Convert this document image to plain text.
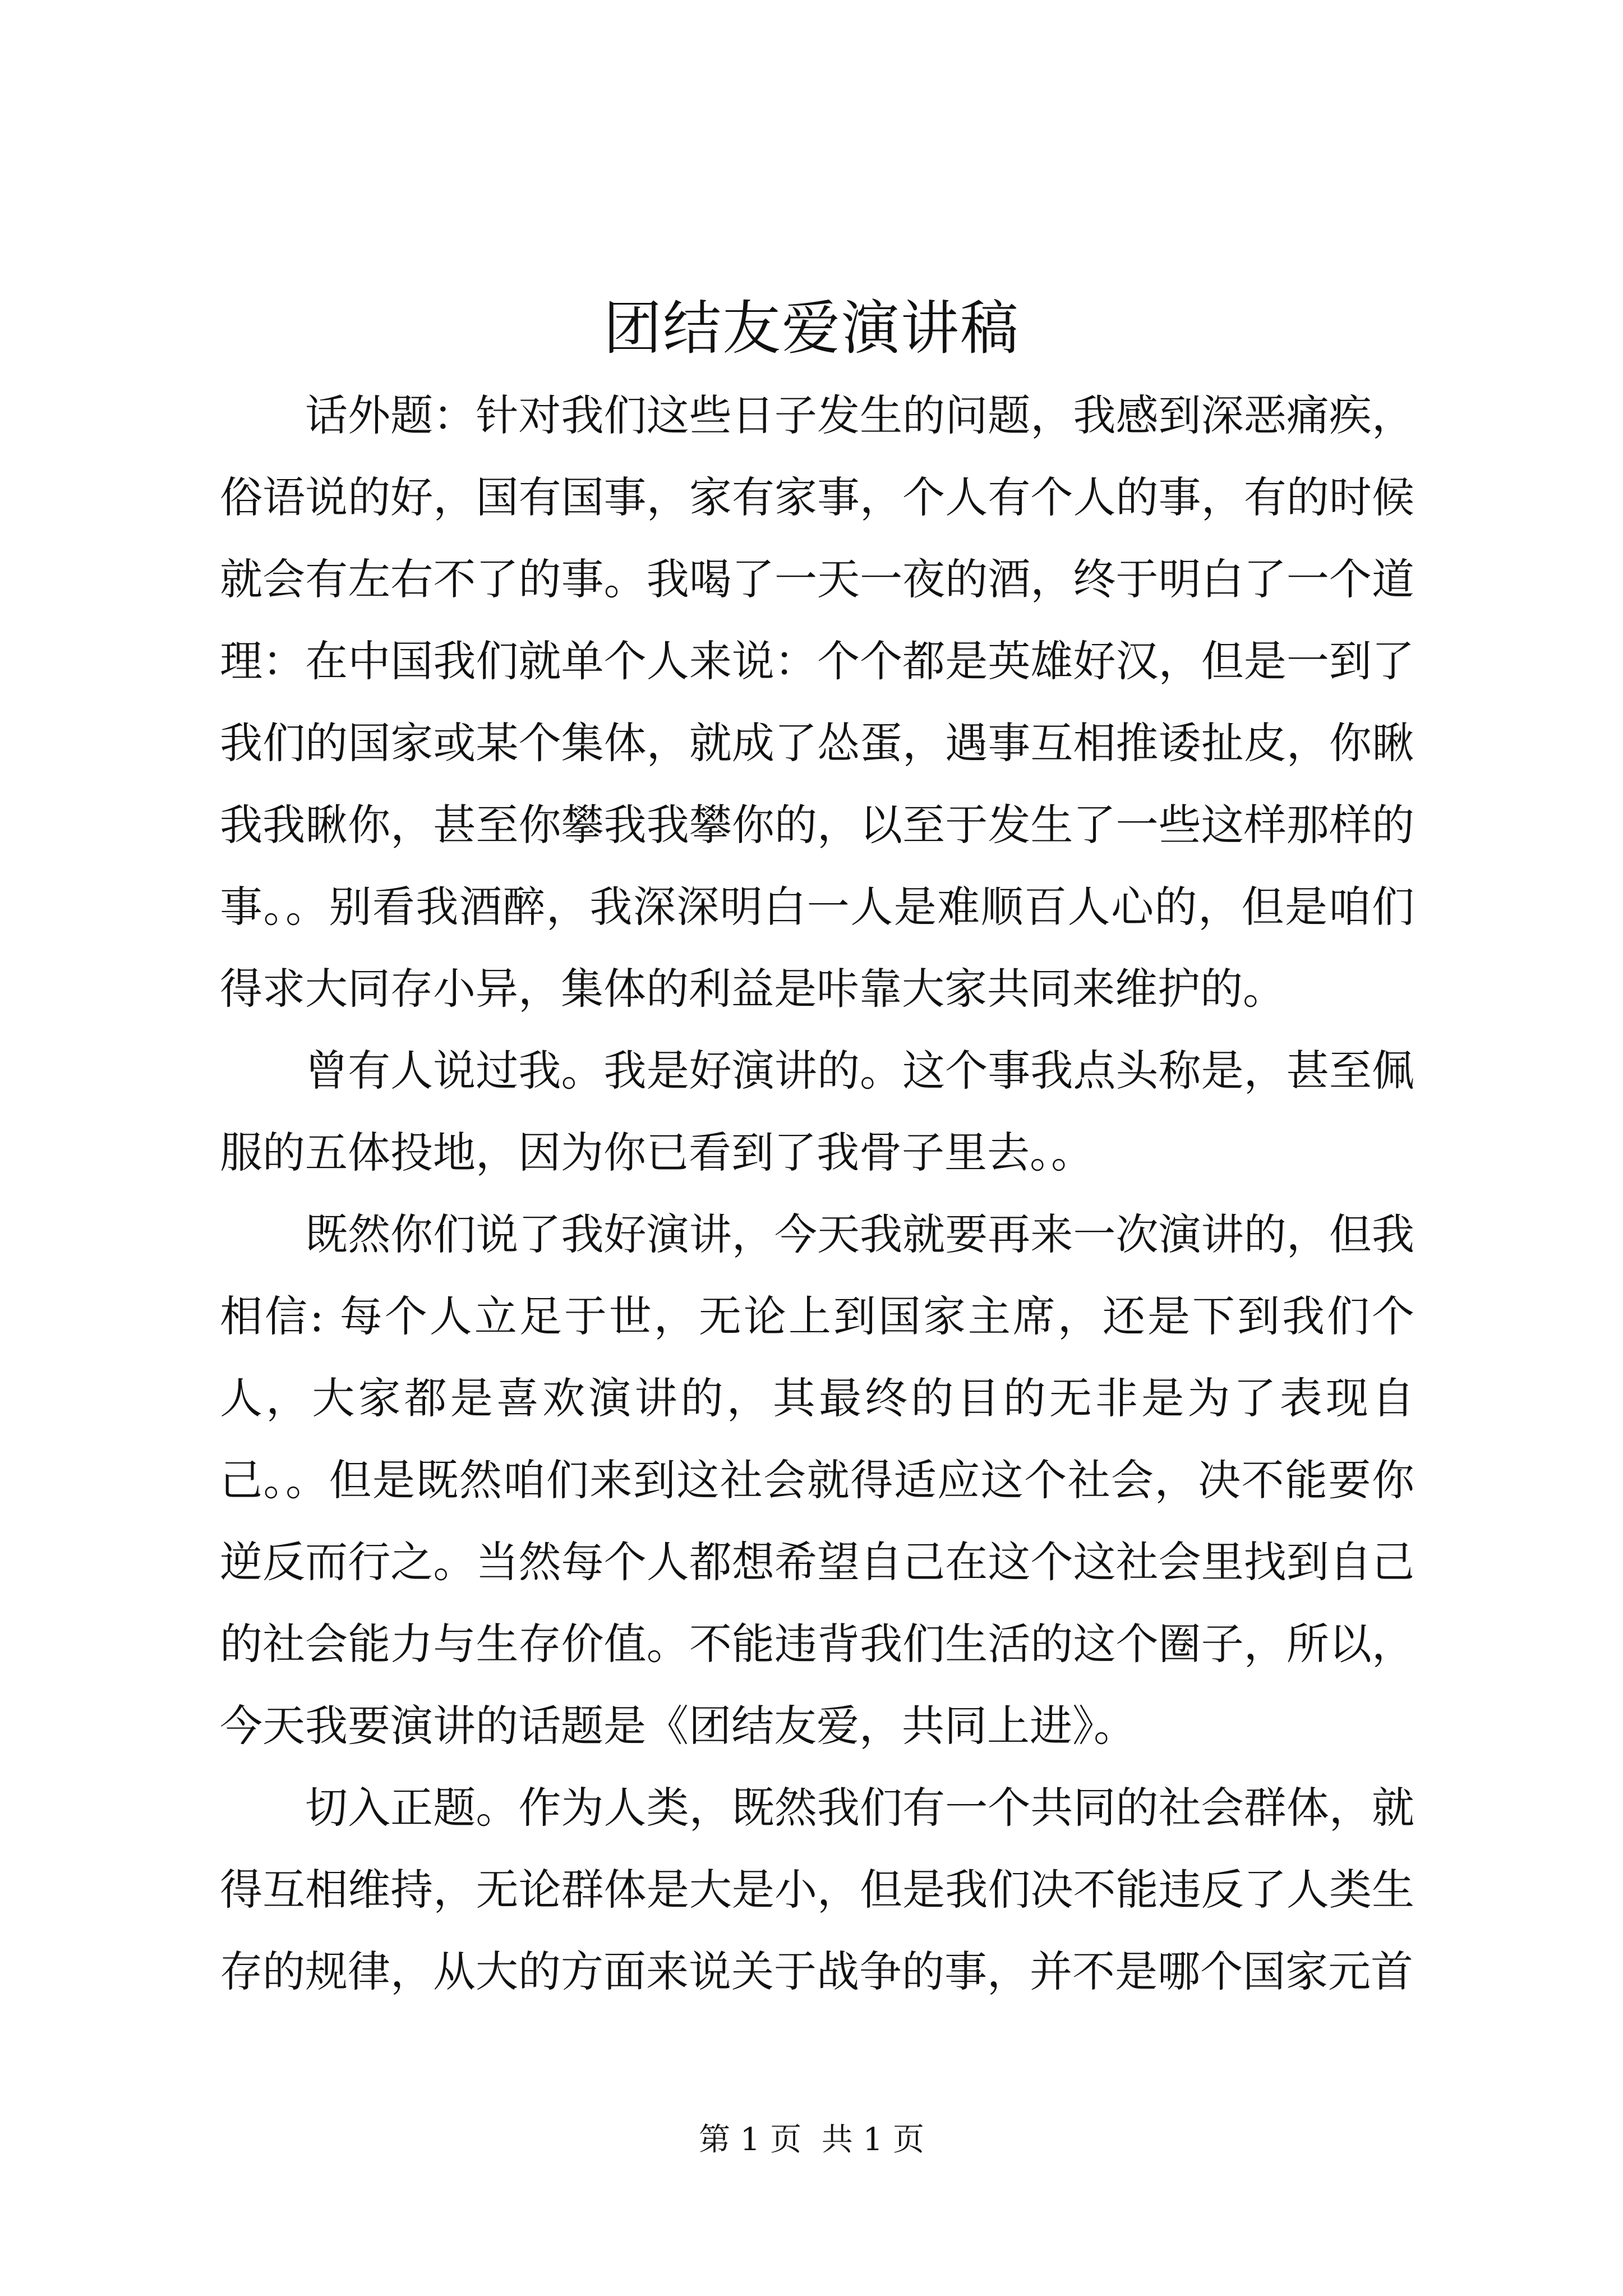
团结友爱演讲稿

话外题：针对我们这些日子发生的问题，我感到深恶痛疾，俗语说的好，国有国事，家有家事，个人有个人的事，有的时候就会有左右不了的事。我喝了一天一夜的酒，终于明白了一个道理：在中国我们就单个人来说：个个都是英雄好汉，但是一到了我们的国家或某个集体，就成了怂蛋，遇事互相推诿扯皮，你瞅我我瞅你，甚至你攀我我攀你的，以至于发生了一些这样那样的事。。别看我酒醉，我深深明白一人是难顺百人心的，但是咱们得求大同存小异，集体的利益是咔靠大家共同来维护的。

曾有人说过我。我是好演讲的。这个事我点头称是，甚至佩服的五体投地，因为你已看到了我骨子里去。。

既然你们说了我好演讲，今天我就要再来一次演讲的，但我相信: 每个人立足于世，无论上到国家主席，还是下到我们个人，大家都是喜欢演讲的，其最终的目的无非是为了表现自己。。但是既然咱们来到这社会就得适应这个社会，决不能要你逆反而行之。当然每个人都想希望自己在这个这社会里找到自己的社会能力与生存价值。不能违背我们生活的这个圈子，所以，今天我要演讲的话题是《团结友爱，共同上进》。

切入正题。作为人类，既然我们有一个共同的社会群体，就得互相维持，无论群体是大是小，但是我们决不能违反了人类生存的规律，从大的方面来说关于战争的事，并不是哪个国家元首

第 1 页  共 1 页
